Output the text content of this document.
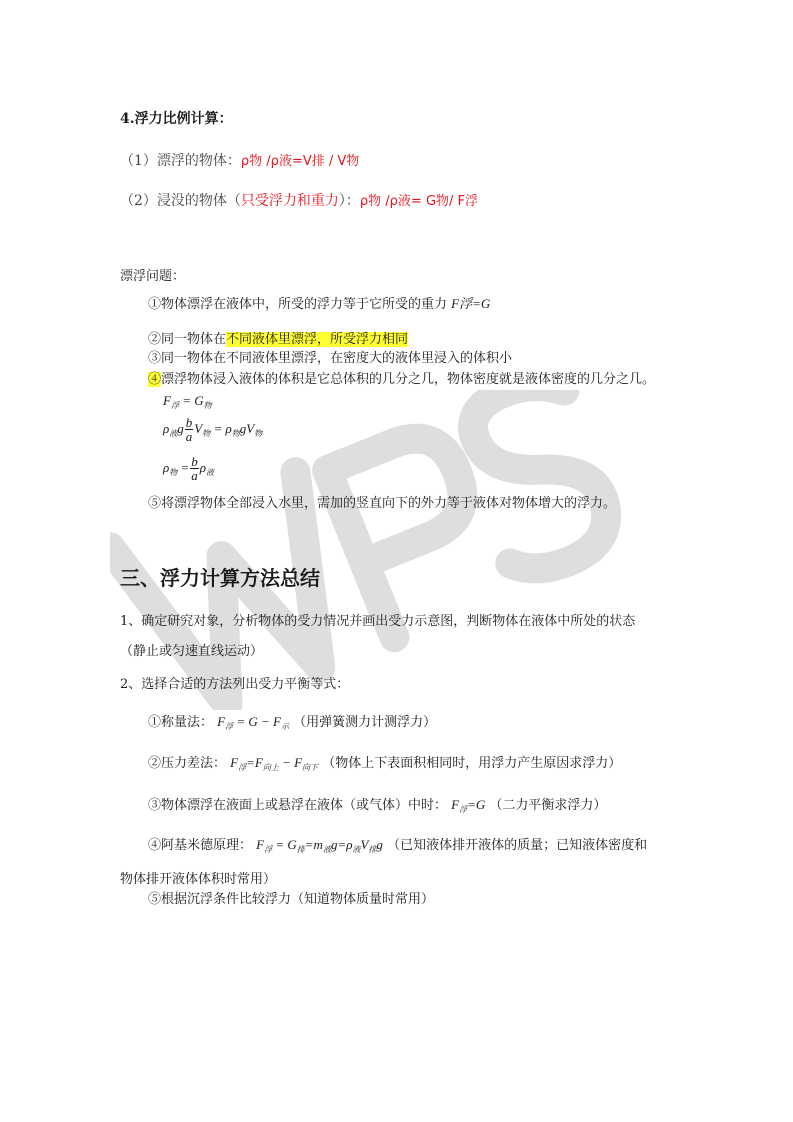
4.浮力比例计算：
（1）漂浮的物体：ρ物 /ρ液=V排 / V物
（2）浸没的物体（只受浮力和重力）：ρ物 /ρ液= G物/ F浮
漂浮问题：
①物体漂浮在液体中，所受的浮力等于它所受的重力 F浮=G
②同一物体在不同液体里漂浮，所受浮力相同
③同一物体在不同液体里漂浮，在密度大的液体里浸入的体积小
④漂浮物体浸入液体的体积是它总体积的几分之几，物体密度就是液体密度的几分之几。
$F_浮 = G_物$
$\rho_液g \frac{b}{a} V_物 = \rho_物gV_物$
$\rho_物 = \frac{b}{a} \rho_液$
⑤将漂浮物体全部浸入水里，需加的竖直向下的外力等于液体对物体增大的浮力。
三、浮力计算方法总结
1、确定研究对象，分析物体的受力情况并画出受力示意图，判断物体在液体中所处的状态
（静止或匀速直线运动）
2、选择合适的方法列出受力平衡等式：
①称量法： $F_浮 = G - F_示$ （用弹簧测力计测浮力）
②压力差法： $F_浮=F_{向上} - F_{向下}$ （物体上下表面积相同时，用浮力产生原因求浮力）
③物体漂浮在液面上或悬浮在液体（或气体）中时： $F_浮=G$ （二力平衡求浮力）
④阿基米德原理： $F_浮 = G_排=m_液g=\rho_液V_排g$ （已知液体排开液体的质量；已知液体密度和
物体排开液体体积时常用）
⑤根据沉浮条件比较浮力（知道物体质量时常用）
